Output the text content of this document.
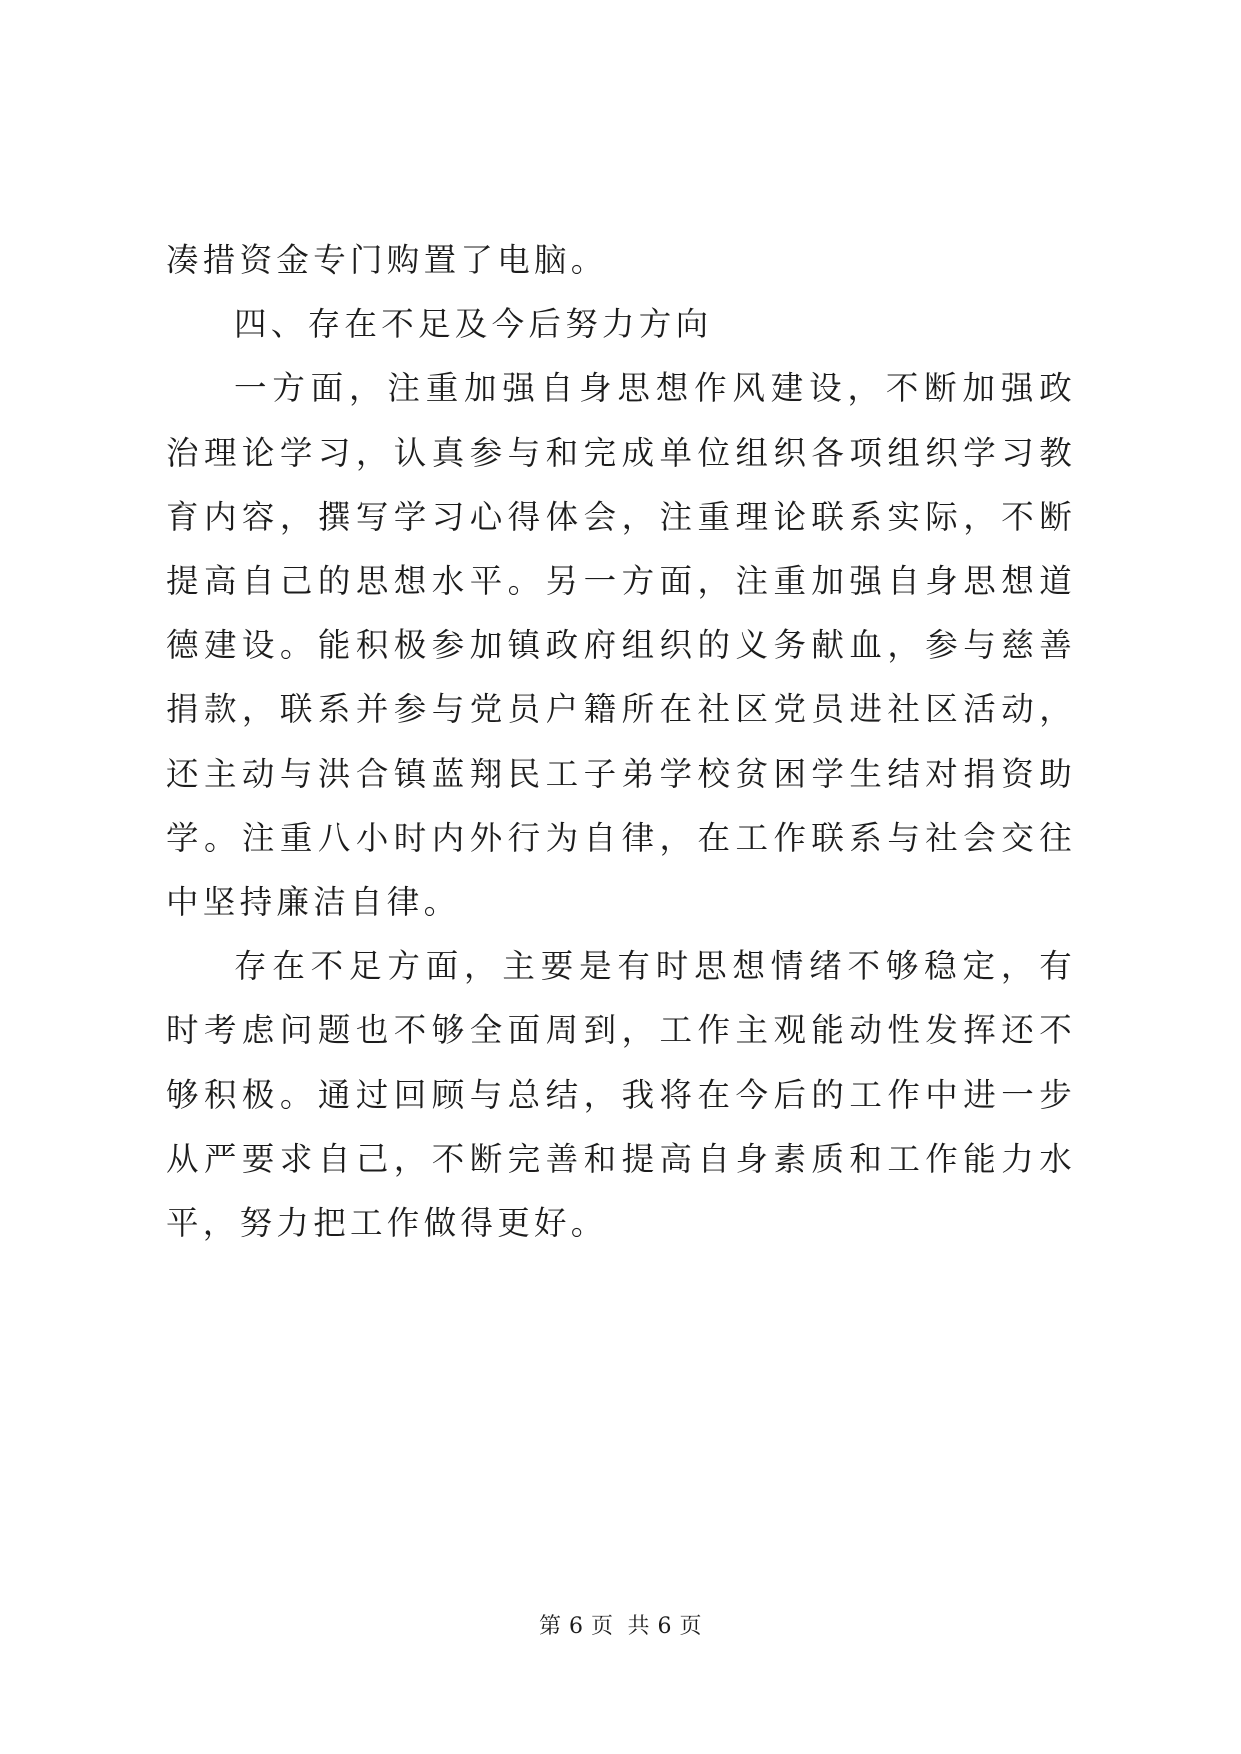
凑措资金专门购置了电脑。

四、存在不足及今后努力方向

一方面，注重加强自身思想作风建设，不断加强政治理论学习，认真参与和完成单位组织各项组织学习教育内容，撰写学习心得体会，注重理论联系实际，不断提高自己的思想水平。另一方面，注重加强自身思想道德建设。能积极参加镇政府组织的义务献血，参与慈善捐款，联系并参与党员户籍所在社区党员进社区活动，还主动与洪合镇蓝翔民工子弟学校贫困学生结对捐资助学。注重八小时内外行为自律，在工作联系与社会交往中坚持廉洁自律。

存在不足方面，主要是有时思想情绪不够稳定，有时考虑问题也不够全面周到，工作主观能动性发挥还不够积极。通过回顾与总结，我将在今后的工作中进一步从严要求自己，不断完善和提高自身素质和工作能力水平，努力把工作做得更好。

第 6 页 共 6 页
